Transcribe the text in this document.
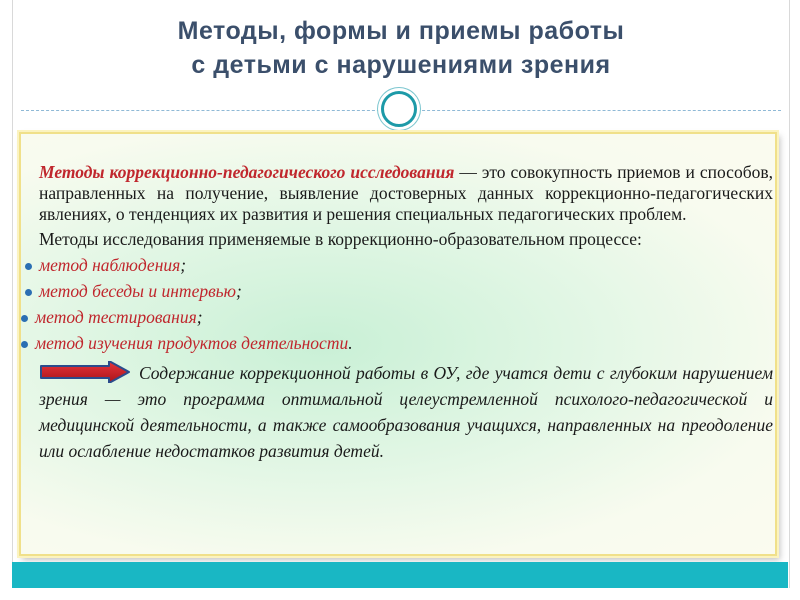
Методы, формы и приемы работы
с детьми с нарушениями зрения

Методы коррекционно-педагогического исследования — это совокупность приемов и способов, направленных на получение, выявление достоверных данных коррекционно-педагогических явлениях, о тенденциях их развития и решения специальных педагогических проблем.

Методы исследования применяемые в коррекционно-образовательном процессе:

метод наблюдения;
метод беседы и интервью;
метод тестирования;
метод изучения продуктов деятельности.

Содержание коррекционной работы в ОУ, где учатся дети с глубоким нарушением зрения — это программа оптимальной целеустремленной психолого-педагогической и медицинской деятельности, а также самообразования учащихся, направленных на преодоление или ослабление недостатков развития детей.
